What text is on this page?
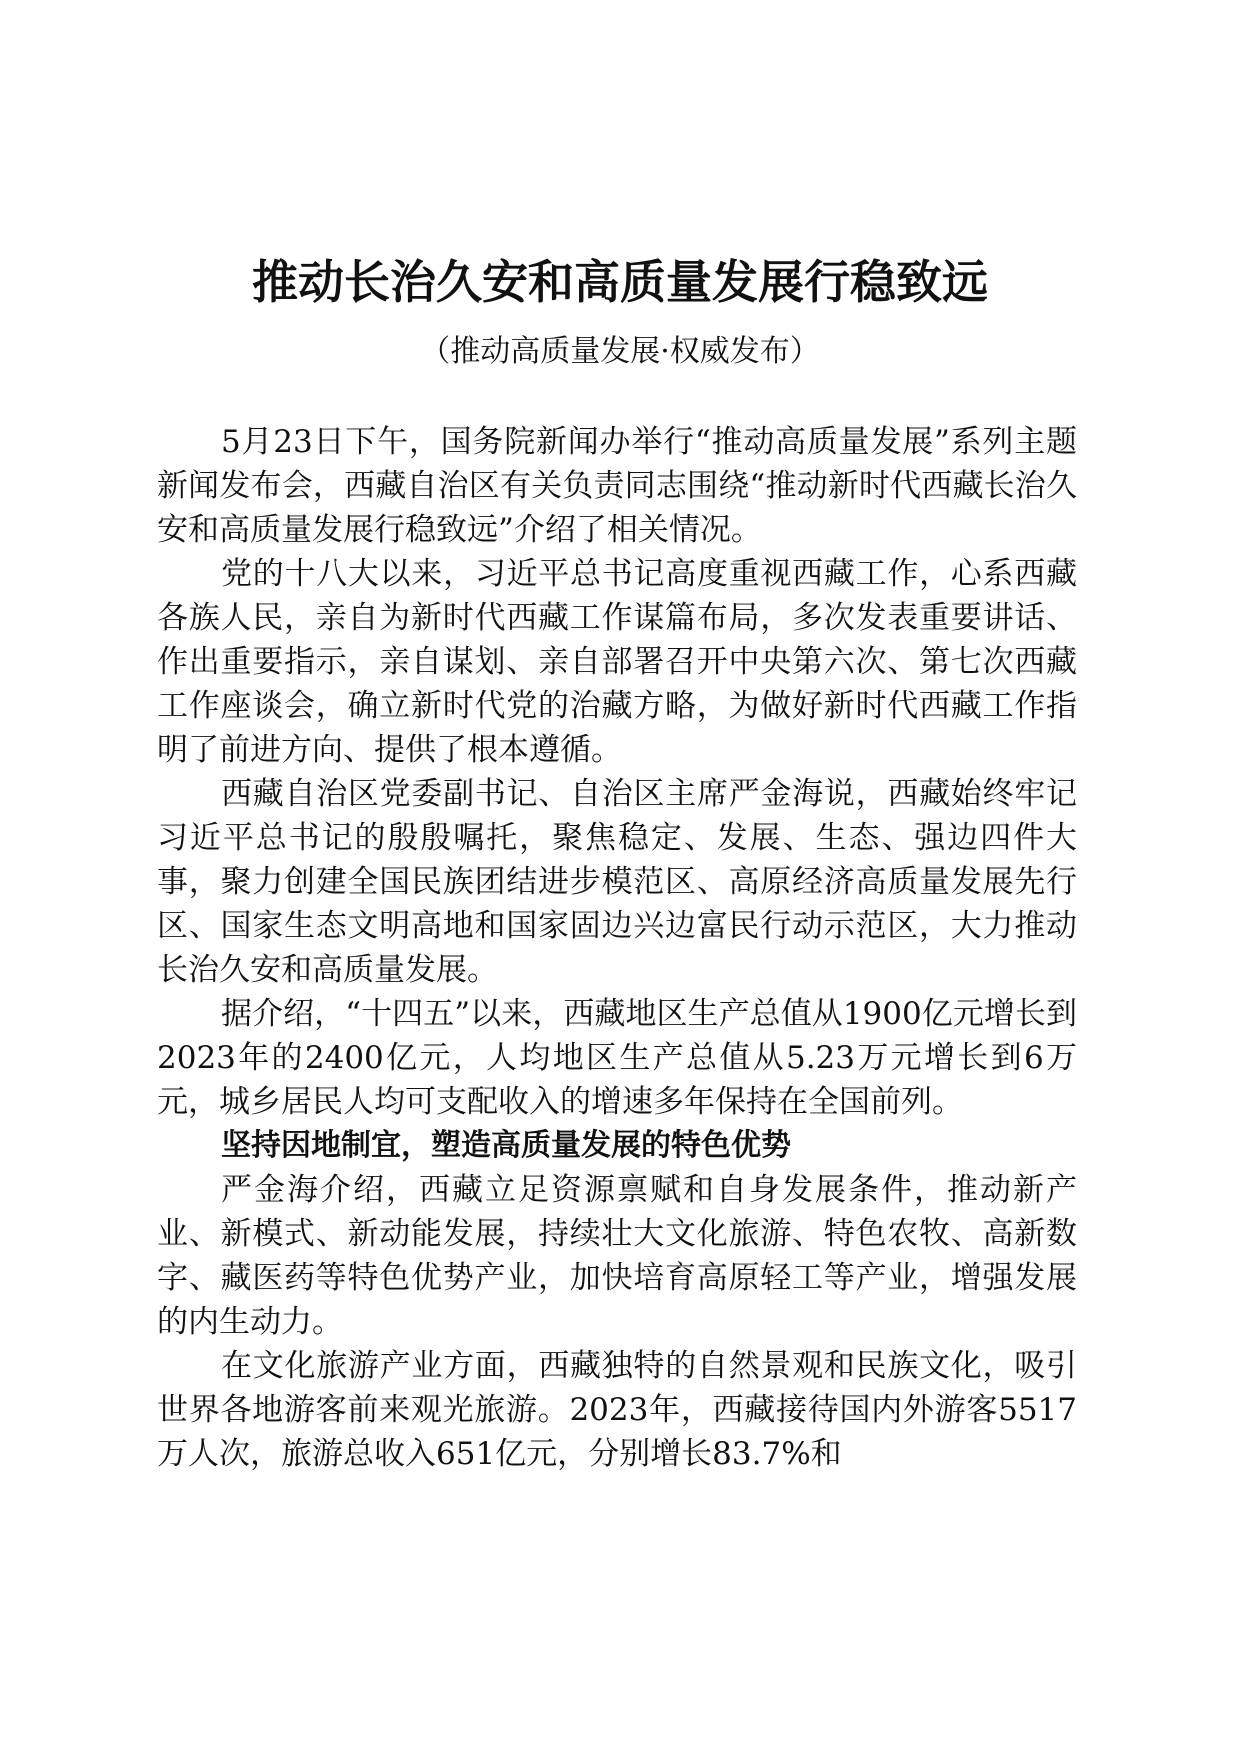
推动长治久安和高质量发展行稳致远
（推动高质量发展·权威发布）

5月23日下午，国务院新闻办举行“推动高质量发展”系列主题新闻发布会，西藏自治区有关负责同志围绕“推动新时代西藏长治久安和高质量发展行稳致远”介绍了相关情况。

党的十八大以来，习近平总书记高度重视西藏工作，心系西藏各族人民，亲自为新时代西藏工作谋篇布局，多次发表重要讲话、作出重要指示，亲自谋划、亲自部署召开中央第六次、第七次西藏工作座谈会，确立新时代党的治藏方略，为做好新时代西藏工作指明了前进方向、提供了根本遵循。

西藏自治区党委副书记、自治区主席严金海说，西藏始终牢记习近平总书记的殷殷嘱托，聚焦稳定、发展、生态、强边四件大事，聚力创建全国民族团结进步模范区、高原经济高质量发展先行区、国家生态文明高地和国家固边兴边富民行动示范区，大力推动长治久安和高质量发展。

据介绍，“十四五”以来，西藏地区生产总值从1900亿元增长到2023年的2400亿元，人均地区生产总值从5.23万元增长到6万元，城乡居民人均可支配收入的增速多年保持在全国前列。

坚持因地制宜，塑造高质量发展的特色优势

严金海介绍，西藏立足资源禀赋和自身发展条件，推动新产业、新模式、新动能发展，持续壮大文化旅游、特色农牧、高新数字、藏医药等特色优势产业，加快培育高原轻工等产业，增强发展的内生动力。

在文化旅游产业方面，西藏独特的自然景观和民族文化，吸引世界各地游客前来观光旅游。2023年，西藏接待国内外游客5517万人次，旅游总收入651亿元，分别增长83.7%和
